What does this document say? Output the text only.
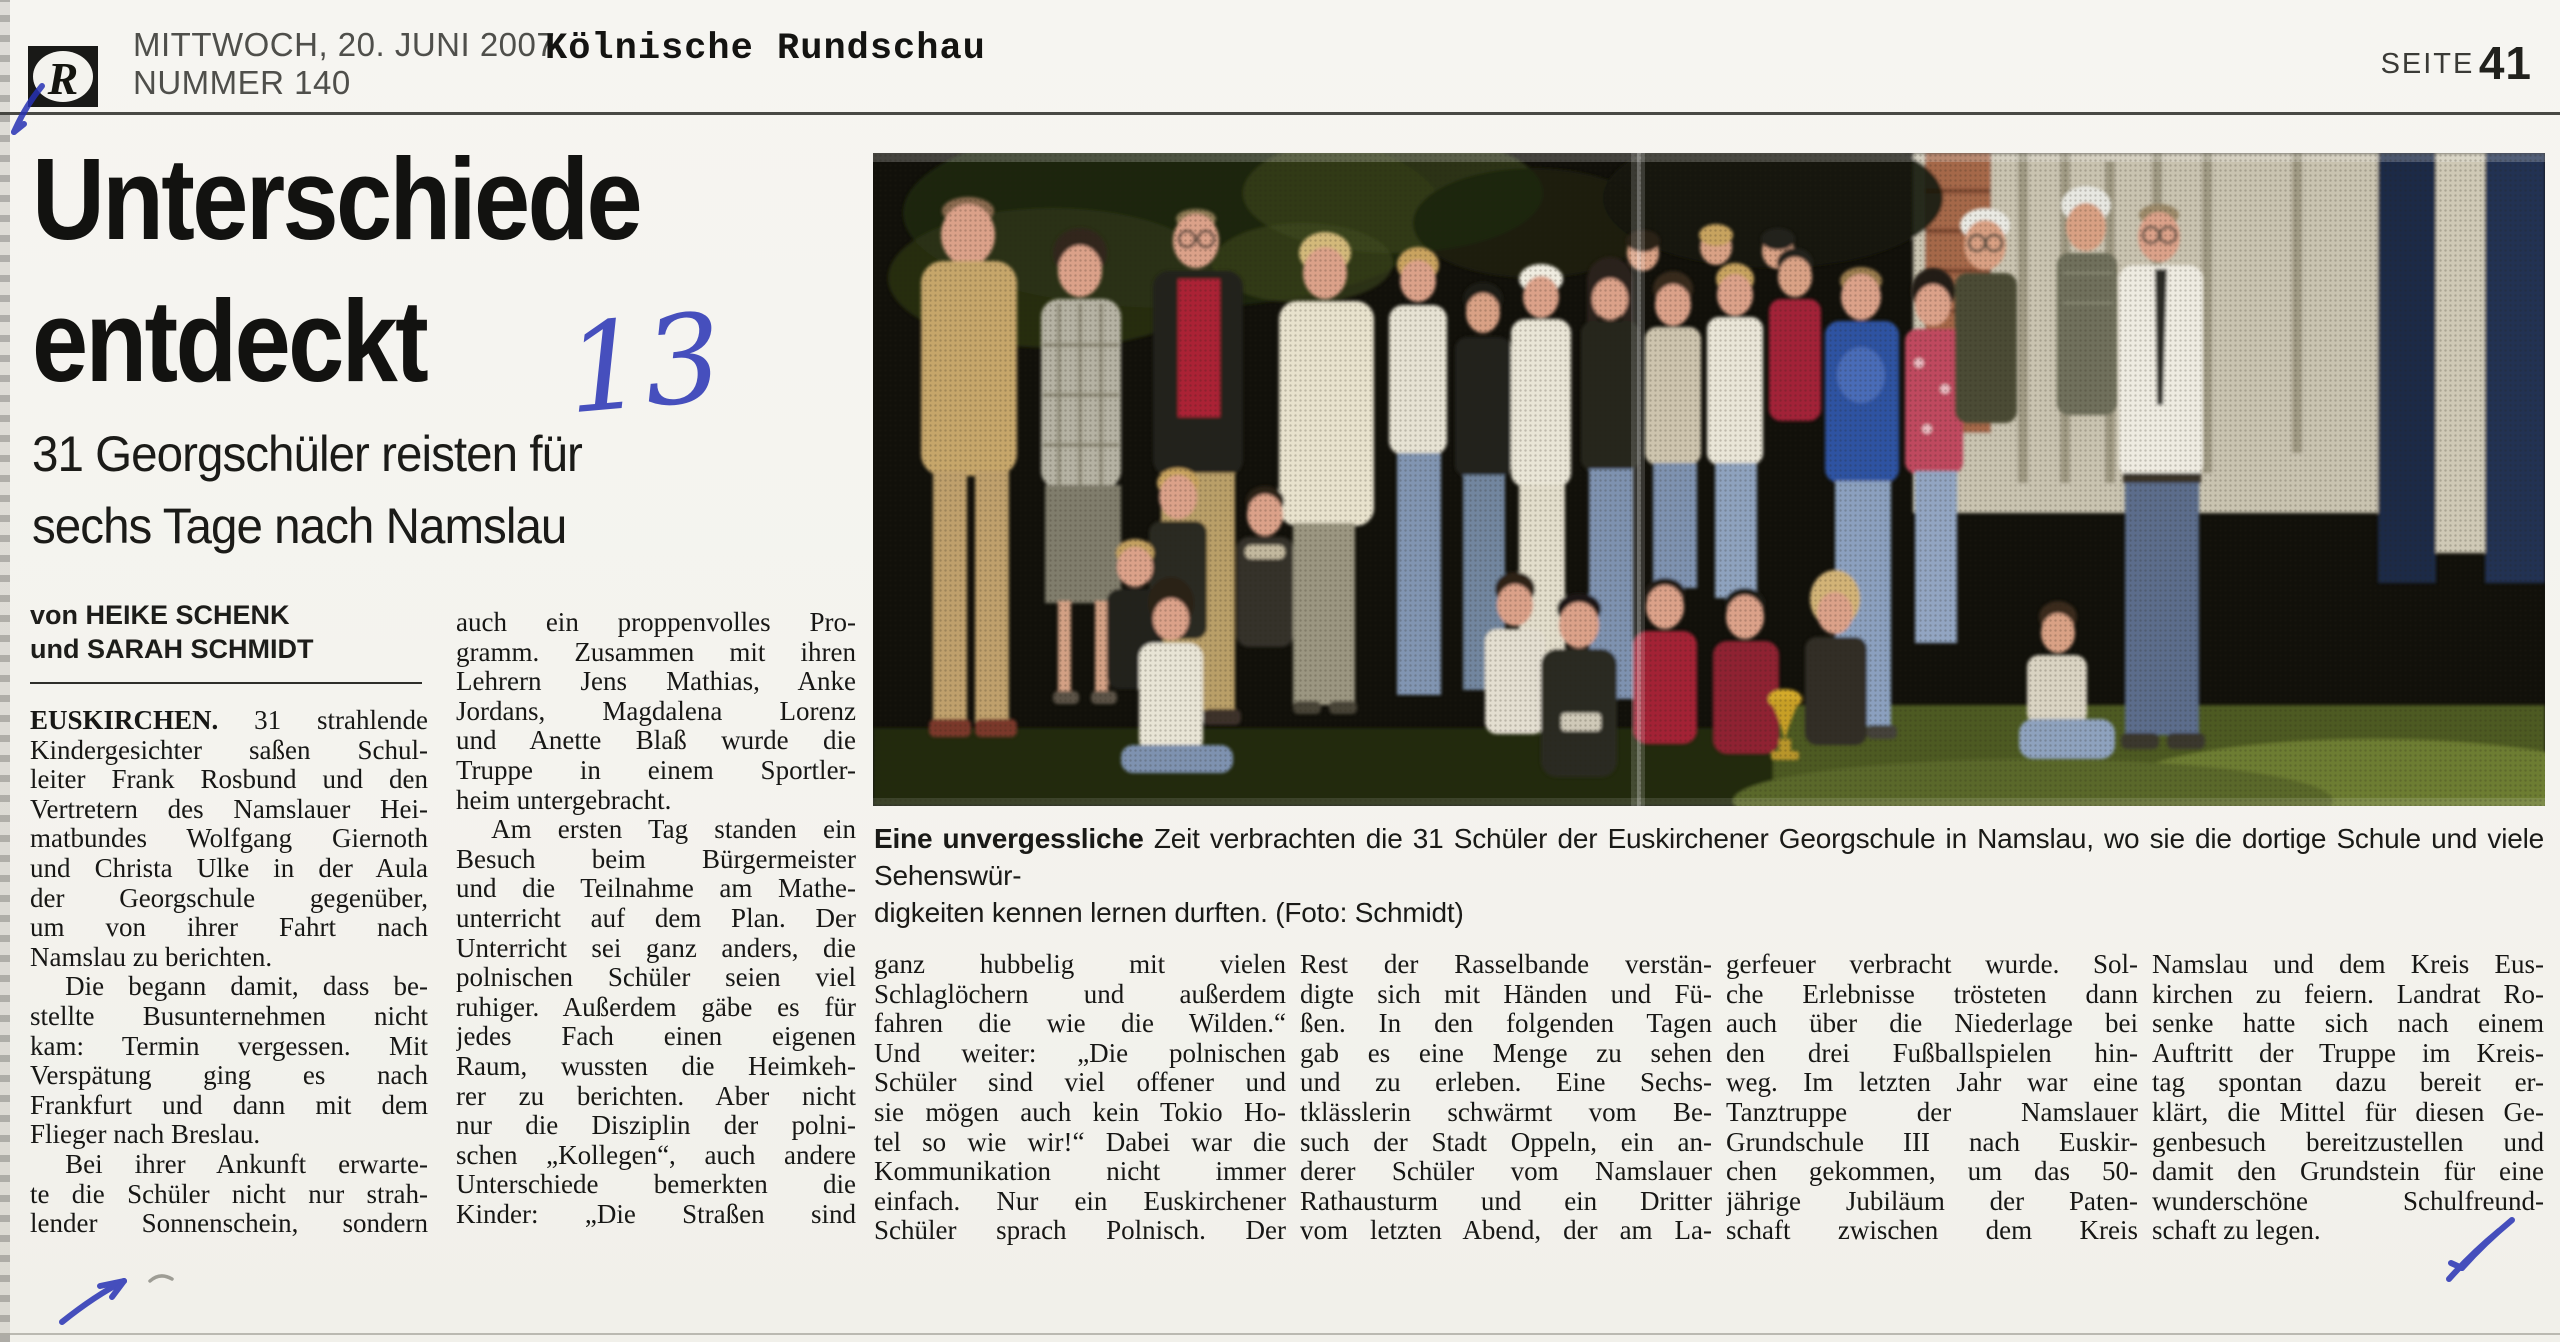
R
MITTWOCH, 20. JUNI 2007
NUMMER 140
Kölnische Rundschau	SEITE 41
Unterschiede
entdeckt
31 Georgschüler reisten für
sechs Tage nach Namslau
von HEIKE SCHENK
und SARAH SCHMIDT
EUSKIRCHEN. 31 strahlende
Kindergesichter saßen Schul-
leiter Frank Rosbund und den
Vertretern des Namslauer Hei-
matbundes Wolfgang Giernoth
und Christa Ulke in der Aula
der Georgschule gegenüber,
um von ihrer Fahrt nach
Namslau zu berichten.
Die begann damit, dass be-
stellte Busunternehmen nicht
kam: Termin vergessen. Mit
Verspätung ging es nach
Frankfurt und dann mit dem
Flieger nach Breslau.
Bei ihrer Ankunft erwarte-
te die Schüler nicht nur strah-
lender Sonnenschein, sondern
auch ein proppenvolles Pro-
gramm. Zusammen mit ihren
Lehrern Jens Mathias, Anke
Jordans, Magdalena Lorenz
und Anette Blaß wurde die
Truppe in einem Sportler-
heim untergebracht.
Am ersten Tag standen ein
Besuch beim Bürgermeister
und die Teilnahme am Mathe-
unterricht auf dem Plan. Der
Unterricht sei ganz anders, die
polnischen Schüler seien viel
ruhiger. Außerdem gäbe es für
jedes Fach einen eigenen
Raum, wussten die Heimkeh-
rer zu berichten. Aber nicht
nur die Disziplin der polni-
schen „Kollegen“, auch andere
Unterschiede bemerkten die
Kinder: „Die Straßen sind
Eine unvergessliche Zeit verbrachten die 31 Schüler der Euskirchener Georgschule in Namslau, wo sie die dortige Schule und viele Sehenswür-
digkeiten kennen lernen durften. (Foto: Schmidt)
ganz hubbelig mit vielen
Schlaglöchern und außerdem
fahren die wie die Wilden.“
Und weiter: „Die polnischen
Schüler sind viel offener und
sie mögen auch kein Tokio Ho-
tel so wie wir!“ Dabei war die
Kommunikation nicht immer
einfach. Nur ein Euskirchener
Schüler sprach Polnisch. Der
Rest der Rasselbande verstän-
digte sich mit Händen und Fü-
ßen. In den folgenden Tagen
gab es eine Menge zu sehen
und zu erleben. Eine Sechs-
tklässlerin schwärmt vom Be-
such der Stadt Oppeln, ein an-
derer Schüler vom Namslauer
Rathausturm und ein Dritter
vom letzten Abend, der am La-
gerfeuer verbracht wurde. Sol-
che Erlebnisse trösteten dann
auch über die Niederlage bei
den drei Fußballspielen hin-
weg. Im letzten Jahr war eine
Tanztruppe der Namslauer
Grundschule III nach Euskir-
chen gekommen, um das 50-
jährige Jubiläum der Paten-
schaft zwischen dem Kreis
Namslau und dem Kreis Eus-
kirchen zu feiern. Landrat Ro-
senke hatte sich nach einem
Auftritt der Truppe im Kreis-
tag spontan dazu bereit er-
klärt, die Mittel für diesen Ge-
genbesuch bereitzustellen und
damit den Grundstein für eine
wunderschöne Schulfreund-
schaft zu legen.
13
